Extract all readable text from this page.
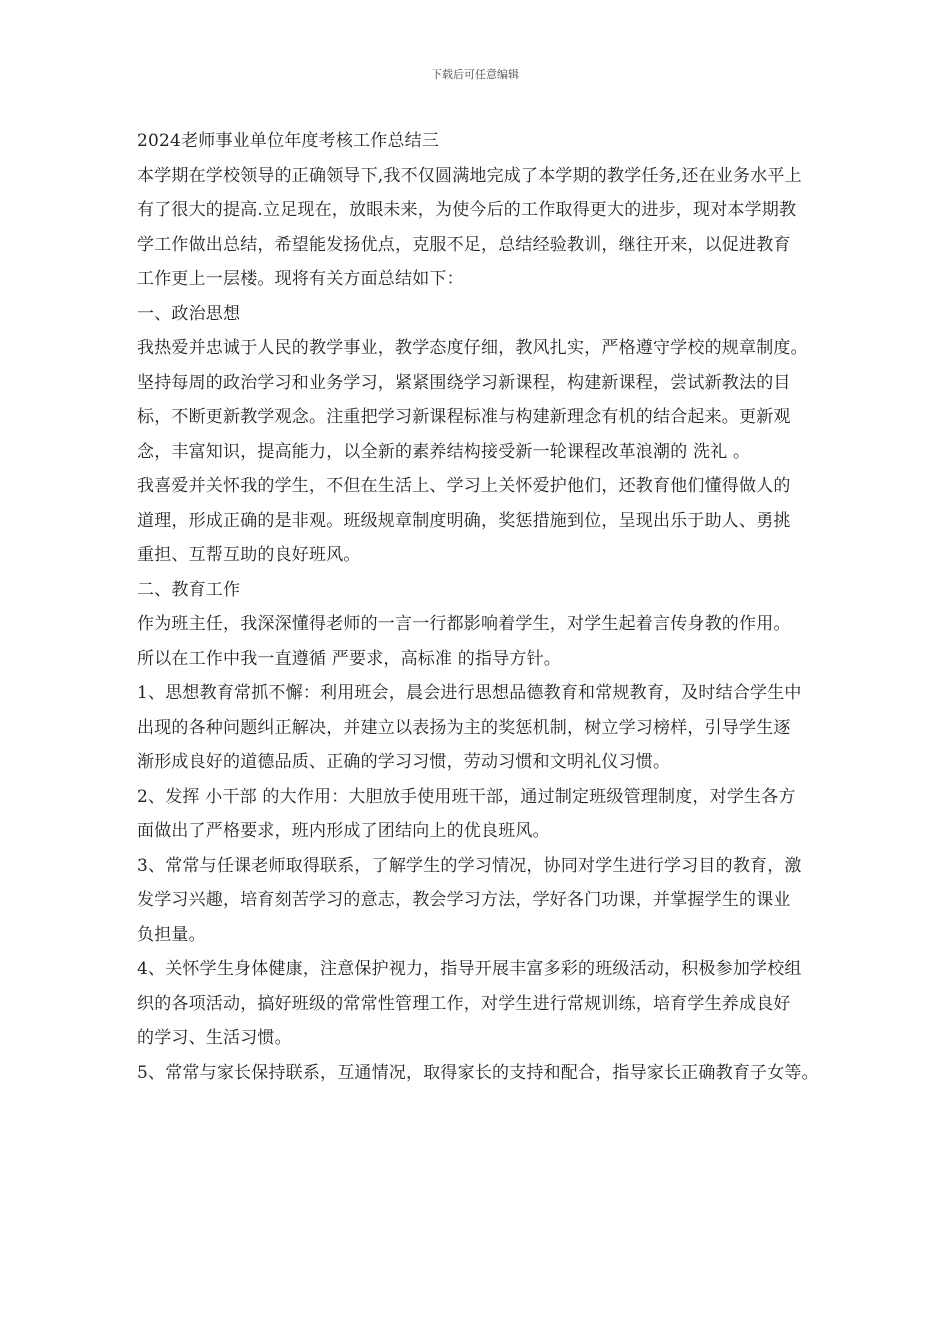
下载后可任意编辑
2024老师事业单位年度考核工作总结三
本学期在学校领导的正确领导下,我不仅圆满地完成了本学期的教学任务,还在业务水平上
有了很大的提高.立足现在，放眼未来，为使今后的工作取得更大的进步，现对本学期教
学工作做出总结，希望能发扬优点，克服不足，总结经验教训，继往开来，以促进教育
工作更上一层楼。现将有关方面总结如下：
一、政治思想
我热爱并忠诚于人民的教学事业，教学态度仔细，教风扎实，严格遵守学校的规章制度。
坚持每周的政治学习和业务学习，紧紧围绕学习新课程，构建新课程，尝试新教法的目
标，不断更新教学观念。注重把学习新课程标准与构建新理念有机的结合起来。更新观
念，丰富知识，提高能力，以全新的素养结构接受新一轮课程改革浪潮的 洗礼 。
我喜爱并关怀我的学生，不但在生活上、学习上关怀爱护他们，还教育他们懂得做人的
道理，形成正确的是非观。班级规章制度明确，奖惩措施到位，呈现出乐于助人、勇挑
重担、互帮互助的良好班风。
二、教育工作
作为班主任，我深深懂得老师的一言一行都影响着学生，对学生起着言传身教的作用。
所以在工作中我一直遵循 严要求，高标准 的指导方针。
1、思想教育常抓不懈：利用班会，晨会进行思想品德教育和常规教育，及时结合学生中
出现的各种问题纠正解决，并建立以表扬为主的奖惩机制，树立学习榜样，引导学生逐
渐形成良好的道德品质、正确的学习习惯，劳动习惯和文明礼仪习惯。
2、发挥 小干部 的大作用：大胆放手使用班干部，通过制定班级管理制度，对学生各方
面做出了严格要求，班内形成了团结向上的优良班风。
3、常常与任课老师取得联系，了解学生的学习情况，协同对学生进行学习目的教育，激
发学习兴趣，培育刻苦学习的意志，教会学习方法，学好各门功课，并掌握学生的课业
负担量。
4、关怀学生身体健康，注意保护视力，指导开展丰富多彩的班级活动，积极参加学校组
织的各项活动，搞好班级的常常性管理工作，对学生进行常规训练，培育学生养成良好
的学习、生活习惯。
5、常常与家长保持联系，互通情况，取得家长的支持和配合，指导家长正确教育子女等。
